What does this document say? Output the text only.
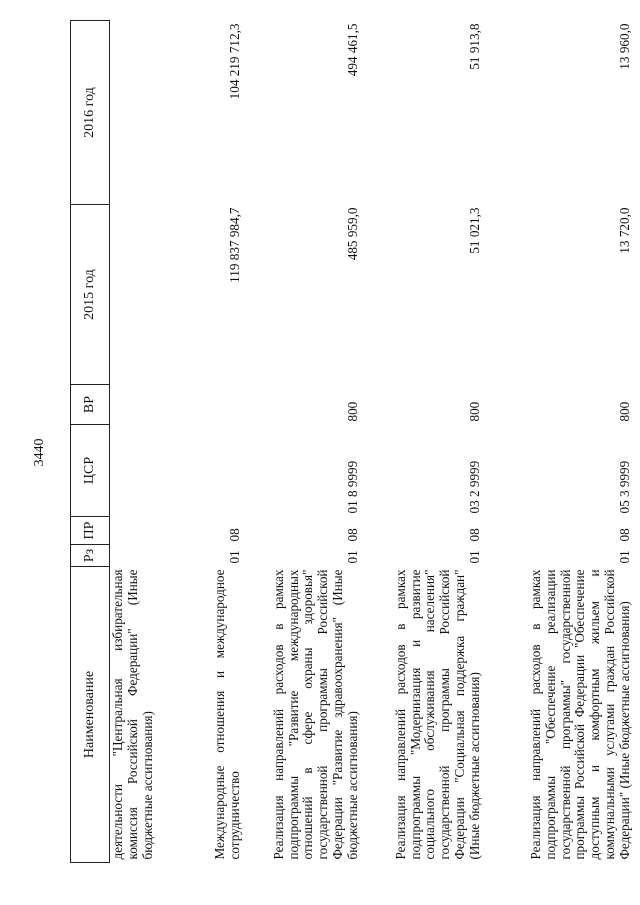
3440
Наименование	Рз	ПР	ЦСР	ВР	2015 год	2016 год
деятельности "Центральная избирательная комиссия Российской Федерации" (Иные бюджетные ассигнования)						
Международные отношения и международное сотрудничество	01	08			119 837 984,7	104 219 712,3
Реализация направлений расходов в рамках подпрограммы "Развитие международных отношений в сфере охраны здоровья" государственной программы Российской Федерации "Развитие здравоохранения" (Иные бюджетные ассигнования)	01	08	01 8 9999	800	485 959,0	494 461,5
Реализация направлений расходов в рамках подпрограммы "Модернизация и развитие социального обслуживания населения" государственной программы Российской Федерации "Социальная поддержка граждан" (Иные бюджетные ассигнования)	01	08	03 2 9999	800	51 021,3	51 913,8
Реализация направлений расходов в рамках подпрограммы "Обеспечение реализации государственной программы" государственной программы Российской Федерации "Обеспечение доступным и комфортным жильем и коммунальными услугами граждан Российской Федерации" (Иные бюджетные ассигнования)	01	08	05 3 9999	800	13 720,0	13 960,0
